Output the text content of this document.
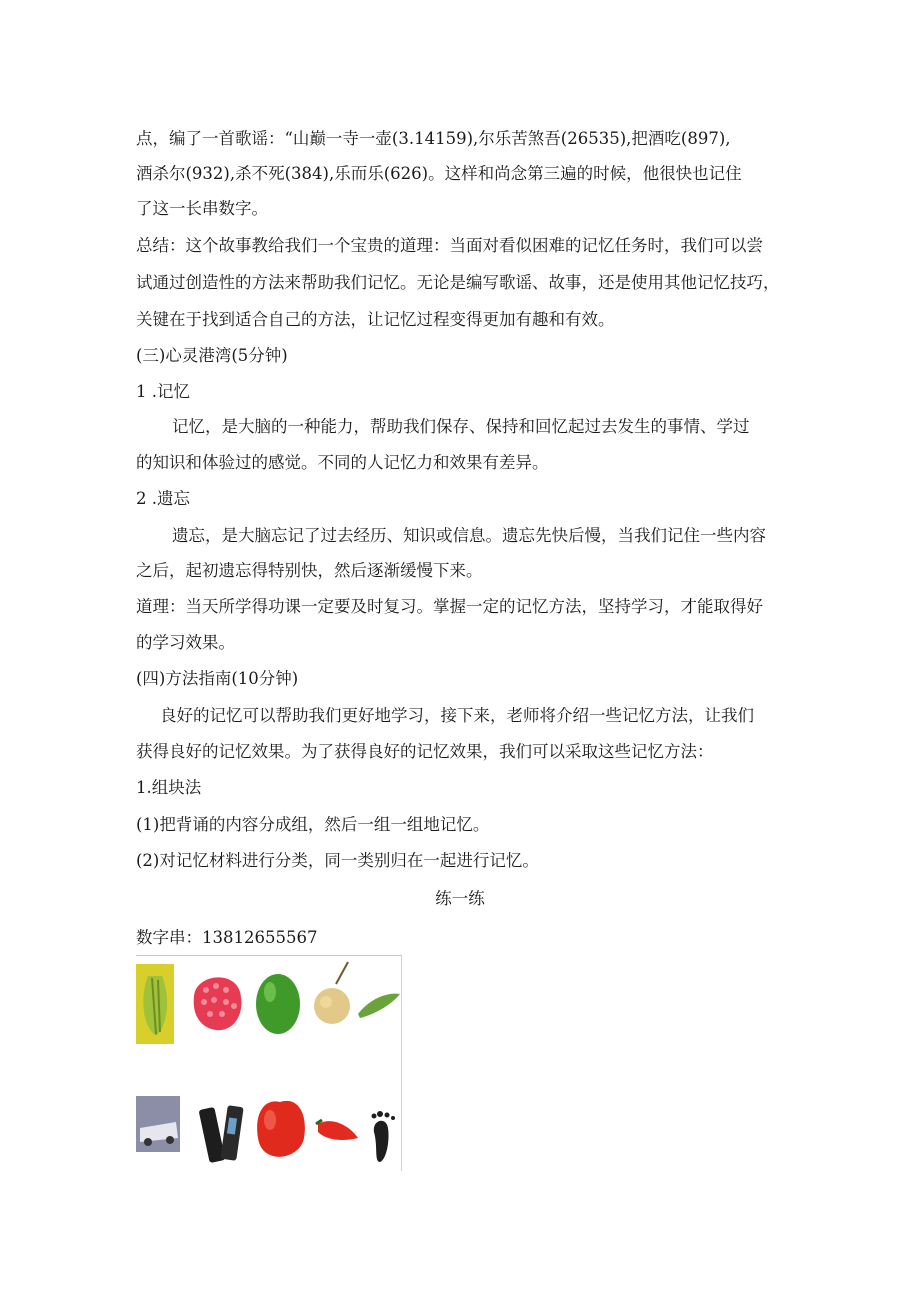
点，编了一首歌谣：“山巅一寺一壶(3.14159),尔乐苦煞吾(26535),把酒吃(897),
酒杀尔(932),杀不死(384),乐而乐(626)。这样和尚念第三遍的时候，他很快也记住
了这一长串数字。
总结：这个故事教给我们一个宝贵的道理：当面对看似困难的记忆任务时，我们可以尝
试通过创造性的方法来帮助我们记忆。无论是编写歌谣、故事，还是使用其他记忆技巧，
关键在于找到适合自己的方法，让记忆过程变得更加有趣和有效。
(三)心灵港湾(5分钟)
1 .记忆
记忆，是大脑的一种能力，帮助我们保存、保持和回忆起过去发生的事情、学过
的知识和体验过的感觉。不同的人记忆力和效果有差异。
2 .遗忘
遗忘，是大脑忘记了过去经历、知识或信息。遗忘先快后慢，当我们记住一些内容
之后，起初遗忘得特别快，然后逐渐缓慢下来。
道理：当天所学得功课一定要及时复习。掌握一定的记忆方法，坚持学习，才能取得好
的学习效果。
(四)方法指南(10分钟)
良好的记忆可以帮助我们更好地学习，接下来，老师将介绍一些记忆方法，让我们
获得良好的记忆效果。为了获得良好的记忆效果，我们可以采取这些记忆方法：
1.组块法
(1)把背诵的内容分成组，然后一组一组地记忆。
(2)对记忆材料进行分类，同一类别归在一起进行记忆。
练一练
数字串：13812655567
